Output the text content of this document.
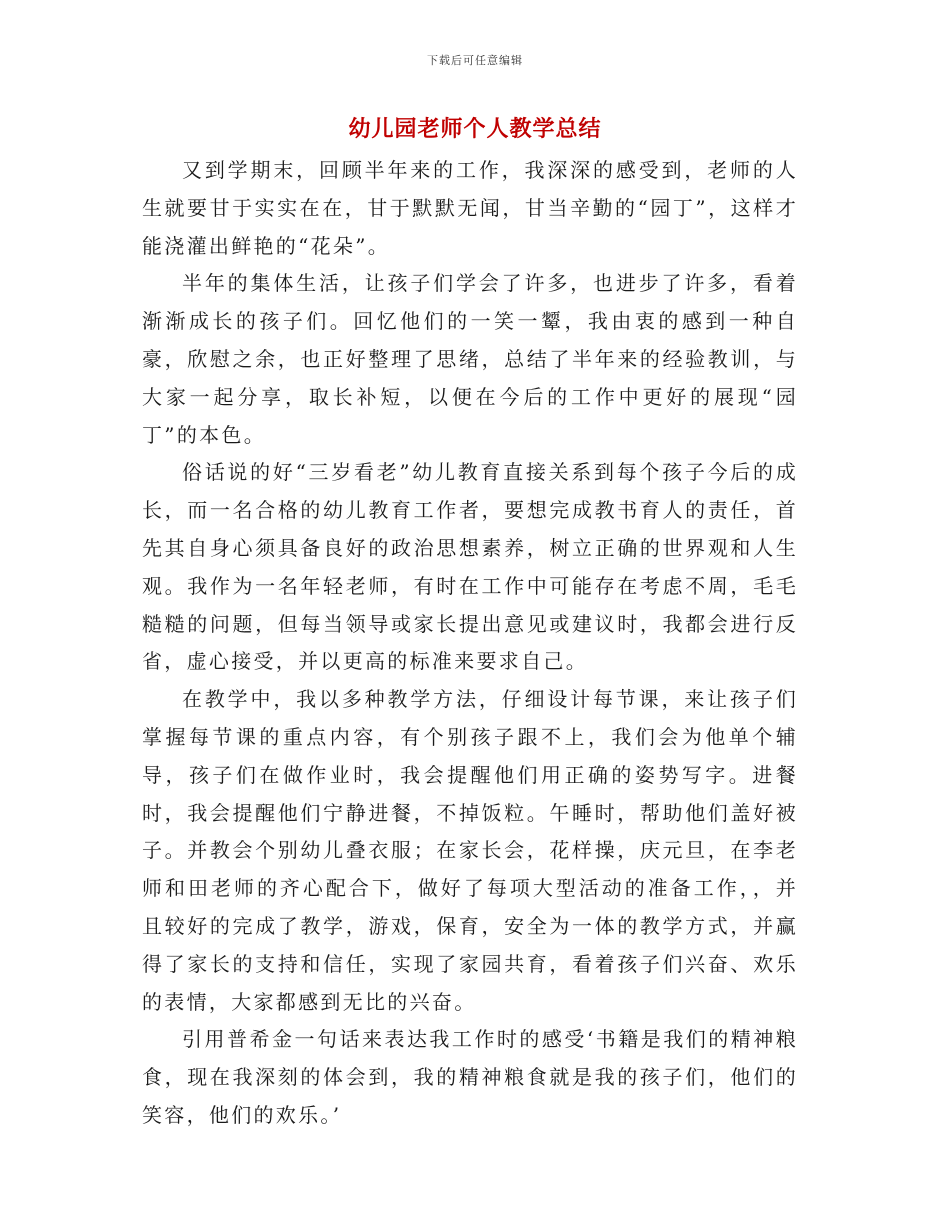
下载后可任意编辑
幼儿园老师个人教学总结

又到学期末，回顾半年来的工作，我深深的感受到，老师的人生就要甘于实实在在，甘于默默无闻，甘当辛勤的“园丁”，这样才能浇灌出鲜艳的“花朵”。

半年的集体生活，让孩子们学会了许多，也进步了许多，看着渐渐成长的孩子们。回忆他们的一笑一颦，我由衷的感到一种自豪，欣慰之余，也正好整理了思绪，总结了半年来的经验教训，与大家一起分享，取长补短，以便在今后的工作中更好的展现“园丁”的本色。

俗话说的好“三岁看老”幼儿教育直接关系到每个孩子今后的成长，而一名合格的幼儿教育工作者，要想完成教书育人的责任，首先其自身心须具备良好的政治思想素养，树立正确的世界观和人生观。我作为一名年轻老师，有时在工作中可能存在考虑不周，毛毛糙糙的问题，但每当领导或家长提出意见或建议时，我都会进行反省，虚心接受，并以更高的标准来要求自己。

在教学中，我以多种教学方法，仔细设计每节课，来让孩子们掌握每节课的重点内容，有个别孩子跟不上，我们会为他单个辅导，孩子们在做作业时，我会提醒他们用正确的姿势写字。进餐时，我会提醒他们宁静进餐，不掉饭粒。午睡时，帮助他们盖好被子。并教会个别幼儿叠衣服；在家长会，花样操，庆元旦，在李老师和田老师的齐心配合下，做好了每项大型活动的准备工作，，并且较好的完成了教学，游戏，保育，安全为一体的教学方式，并赢得了家长的支持和信任，实现了家园共育，看着孩子们兴奋、欢乐的表情，大家都感到无比的兴奋。

引用普希金一句话来表达我工作时的感受‘书籍是我们的精神粮食，现在我深刻的体会到，我的精神粮食就是我的孩子们，他们的笑容，他们的欢乐。’
